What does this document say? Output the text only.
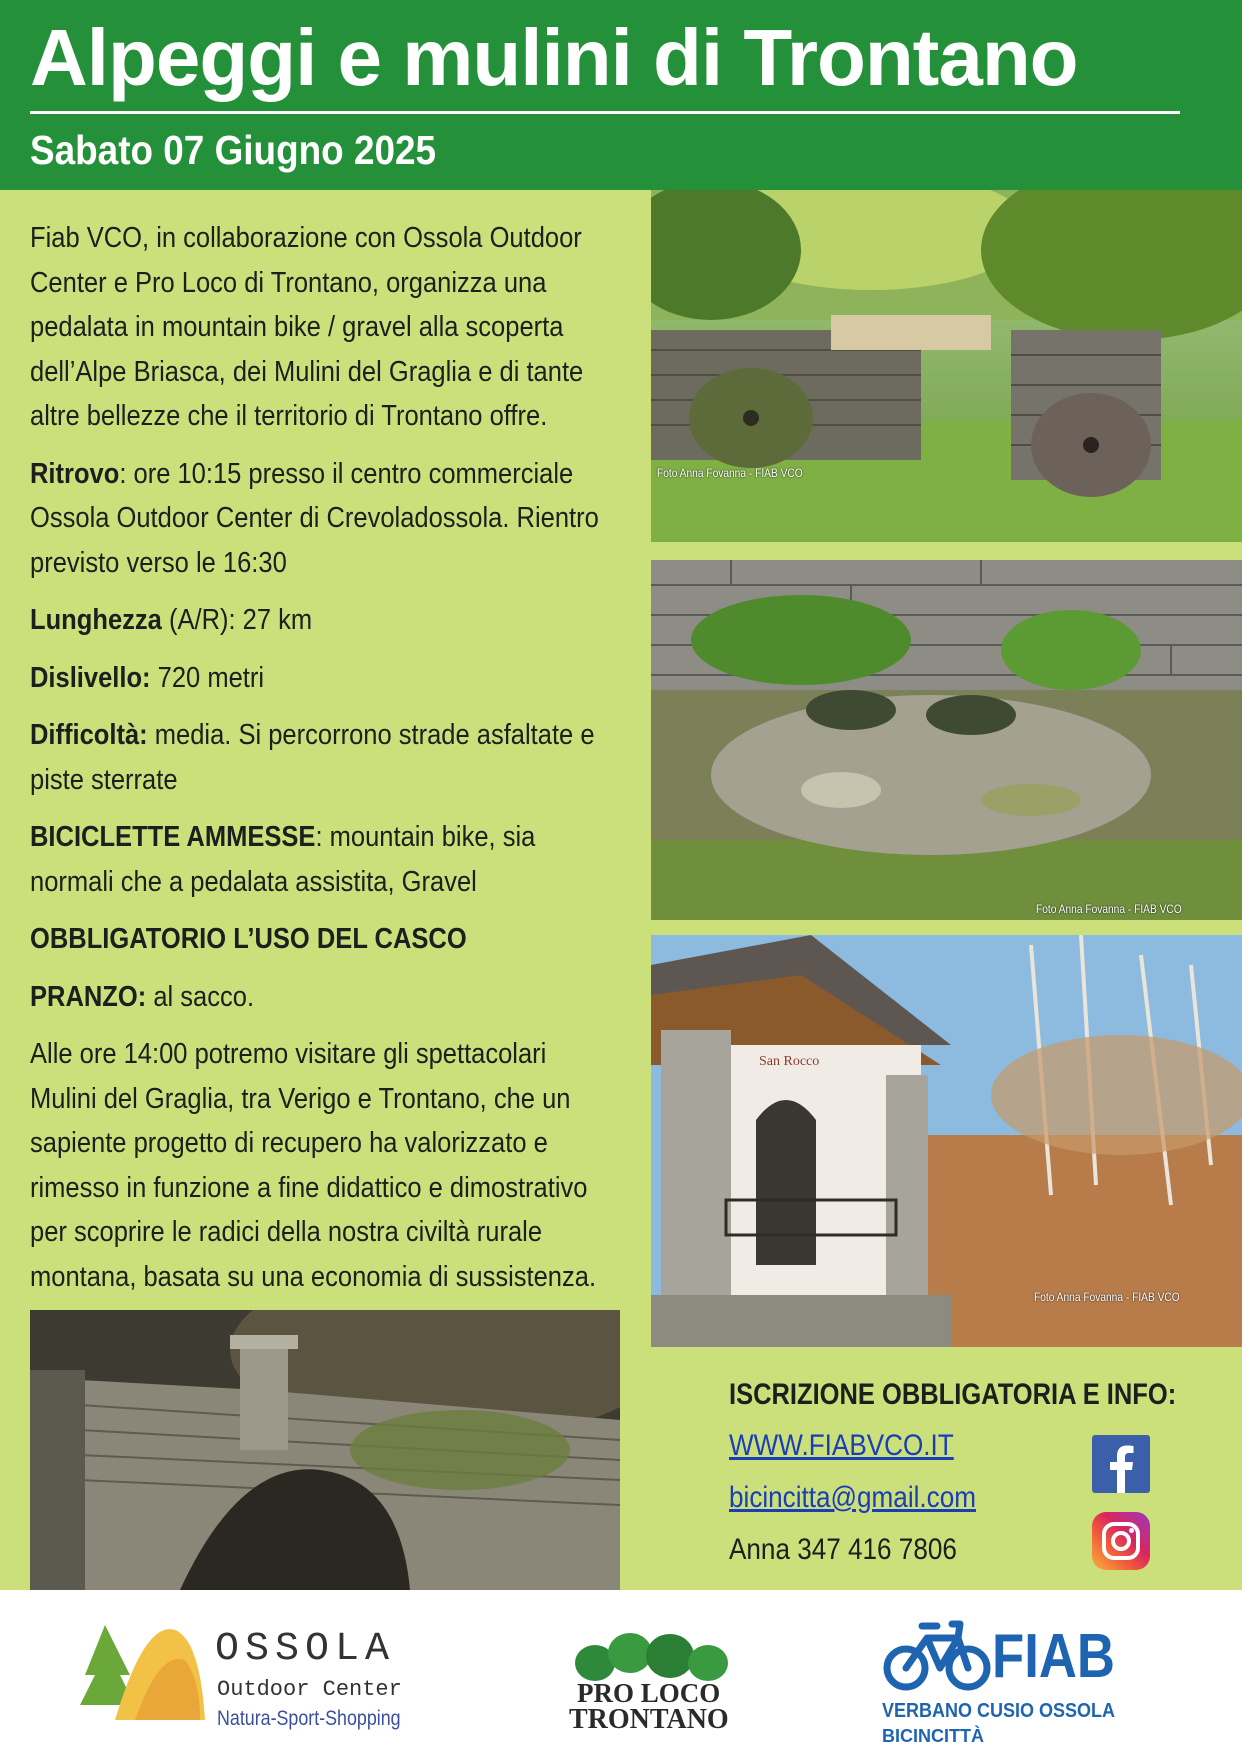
Alpeggi e mulini di Trontano
Sabato 07 Giugno 2025

Fiab VCO, in collaborazione con Ossola Outdoor Center e Pro Loco di Trontano, organizza una pedalata in mountain bike / gravel alla scoperta dell’Alpe Briasca, dei Mulini del Graglia e di tante altre bellezze che il territorio di Trontano offre.

Ritrovo: ore 10:15 presso il centro commerciale Ossola Outdoor Center di Crevoladossola. Rientro previsto verso le 16:30

Lunghezza (A/R): 27 km

Dislivello: 720 metri

Difficoltà: media. Si percorrono strade asfaltate e piste sterrate

BICICLETTE AMMESSE: mountain bike, sia normali che a pedalata assistita, Gravel

OBBLIGATORIO L’USO DEL CASCO

PRANZO: al sacco.

Alle ore 14:00 potremo visitare gli spettacolari Mulini del Graglia, tra Verigo e Trontano, che un sapiente progetto di recupero ha valorizzato e rimesso in funzione a fine didattico e dimostrativo per scoprire le radici della nostra civiltà rurale montana, basata su una economia di sussistenza.

Foto Anna Fovanna - FIAB VCO
Foto Anna Fovanna - FIAB VCO
San Rocco
Foto Anna Fovanna - FIAB VCO
ISCRIZIONE OBBLIGATORIA E INFO:
WWW.FIABVCO.IT
bicincitta@gmail.com
Anna 347 416 7806
OSSOLA
Outdoor Center
Natura-Sport-Shopping
PRO LOCO
TRONTANO
FIAB
VERBANO CUSIO OSSOLA
BICINCITTÀ
